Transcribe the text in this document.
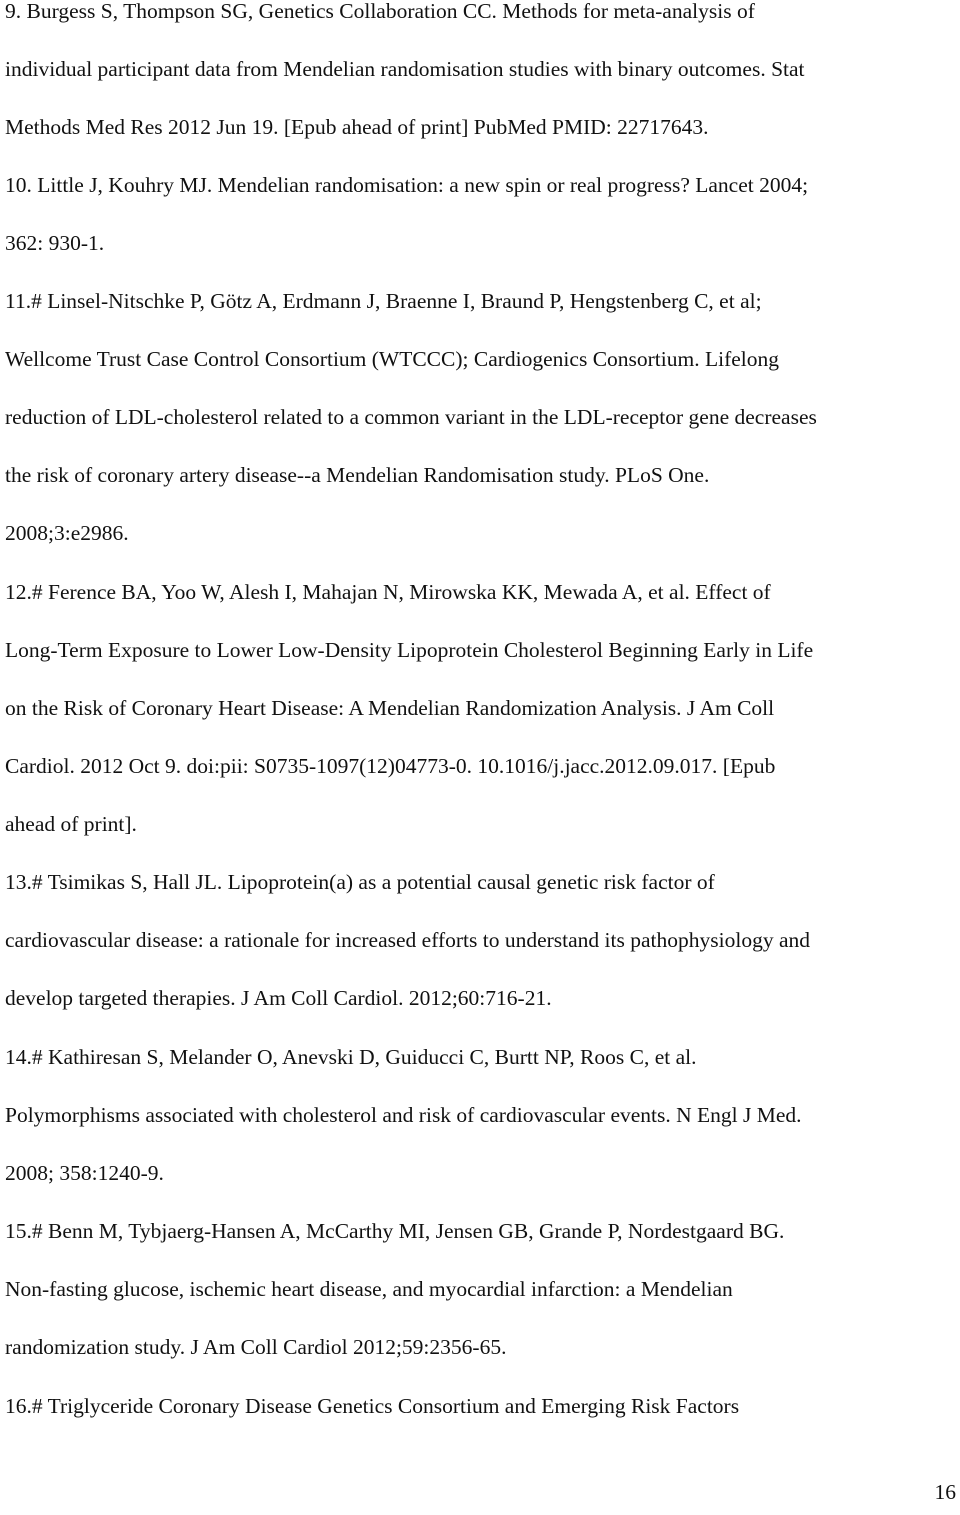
9. Burgess S, Thompson SG, Genetics Collaboration CC. Methods for meta-analysis of
individual participant data from Mendelian randomisation studies with binary outcomes. Stat
Methods Med Res 2012 Jun 19. [Epub ahead of print] PubMed PMID: 22717643.
10. Little J, Kouhry MJ. Mendelian randomisation: a new spin or real progress? Lancet 2004;
362: 930-1.
11.# Linsel-Nitschke P, Götz A, Erdmann J, Braenne I, Braund P, Hengstenberg C, et al;
Wellcome Trust Case Control Consortium (WTCCC); Cardiogenics Consortium. Lifelong
reduction of LDL-cholesterol related to a common variant in the LDL-receptor gene decreases
the risk of coronary artery disease--a Mendelian Randomisation study. PLoS One.
2008;3:e2986.
12.# Ference BA, Yoo W, Alesh I, Mahajan N, Mirowska KK, Mewada A, et al. Effect of
Long-Term Exposure to Lower Low-Density Lipoprotein Cholesterol Beginning Early in Life
on the Risk of Coronary Heart Disease: A Mendelian Randomization Analysis. J Am Coll
Cardiol. 2012 Oct 9. doi:pii: S0735-1097(12)04773-0. 10.1016/j.jacc.2012.09.017. [Epub
ahead of print].
13.# Tsimikas S, Hall JL. Lipoprotein(a) as a potential causal genetic risk factor of
cardiovascular disease: a rationale for increased efforts to understand its pathophysiology and
develop targeted therapies. J Am Coll Cardiol. 2012;60:716-21.
14.# Kathiresan S, Melander O, Anevski D, Guiducci C, Burtt NP, Roos C, et al.
Polymorphisms associated with cholesterol and risk of cardiovascular events. N Engl J Med.
2008; 358:1240-9.
15.# Benn M, Tybjaerg-Hansen A, McCarthy MI, Jensen GB, Grande P, Nordestgaard BG.
Non-fasting glucose, ischemic heart disease, and myocardial infarction: a Mendelian
randomization study. J Am Coll Cardiol 2012;59:2356-65.
16.# Triglyceride Coronary Disease Genetics Consortium and Emerging Risk Factors
16
